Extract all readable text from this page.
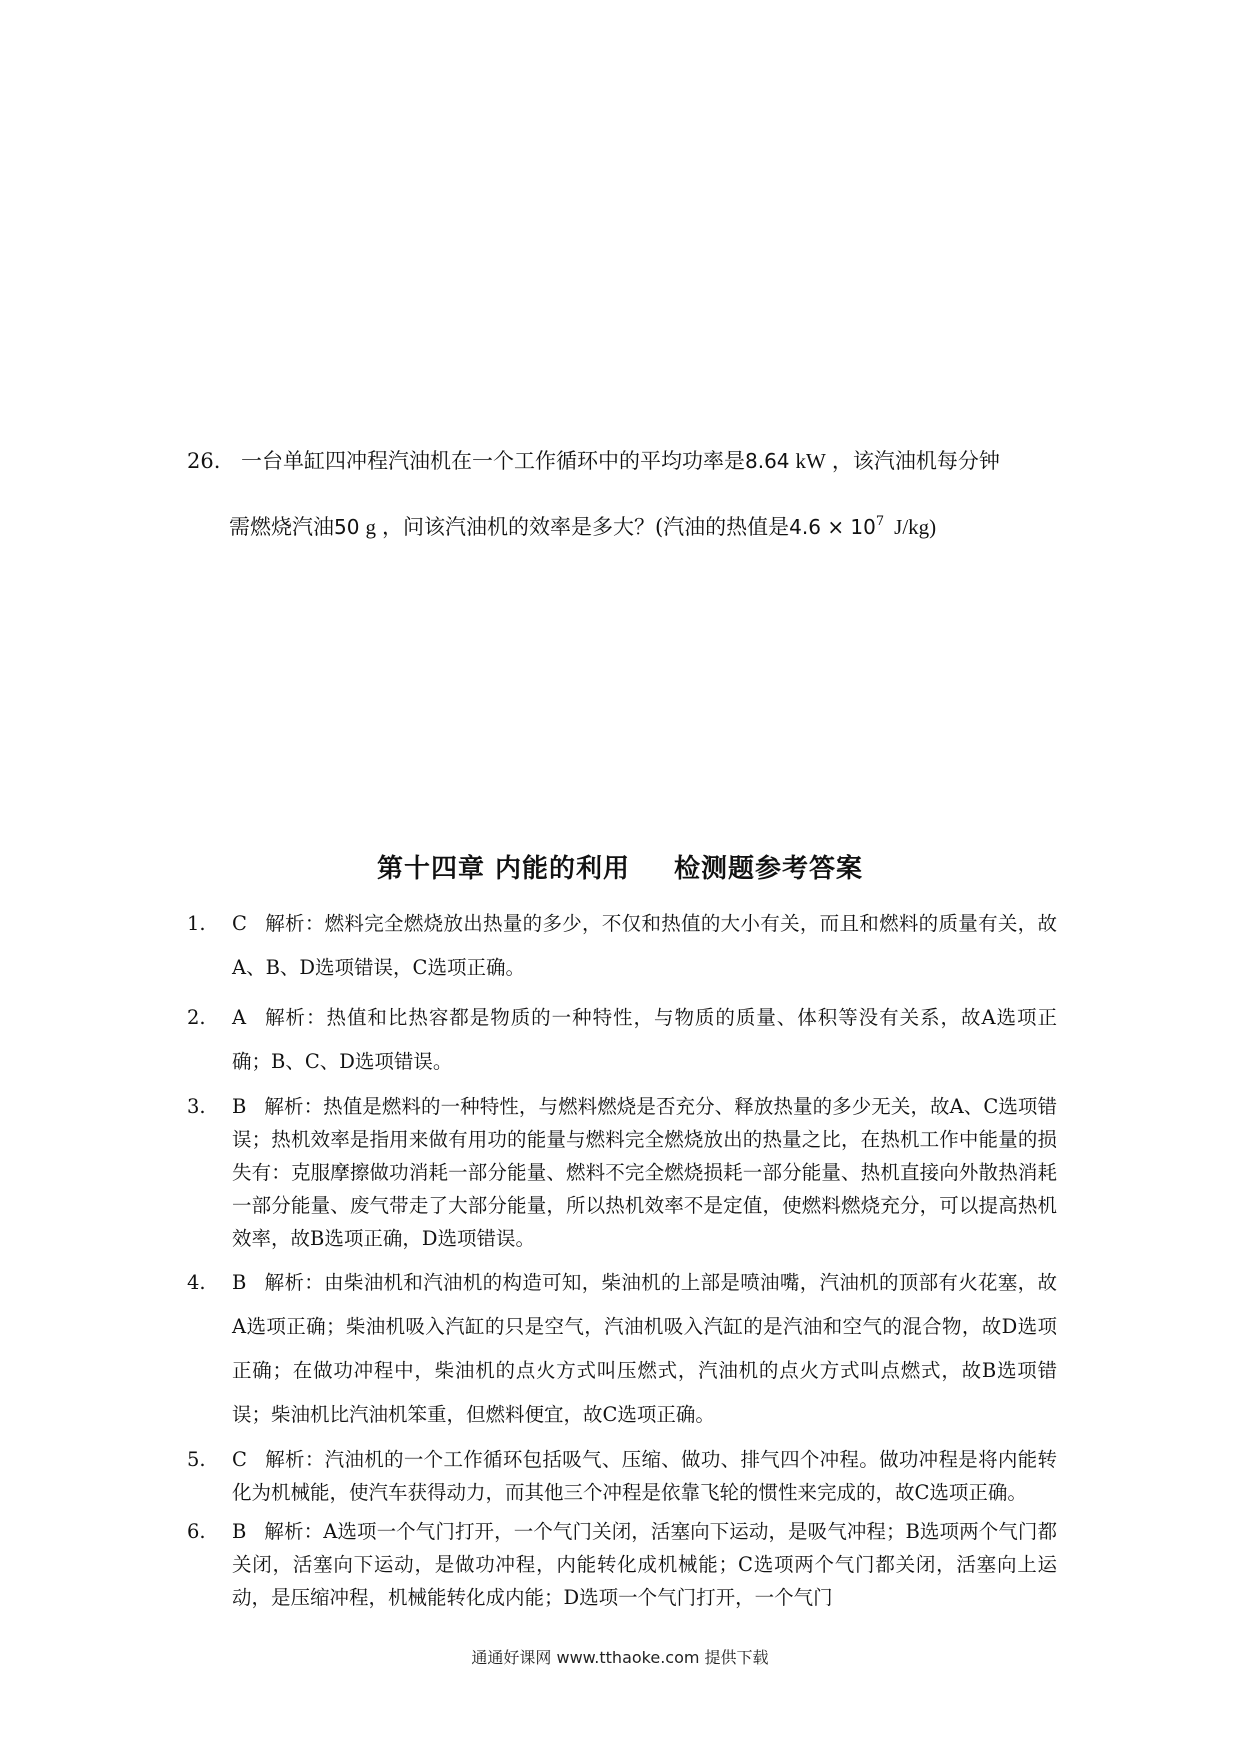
26. 一台单缸四冲程汽油机在一个工作循环中的平均功率是8.64 kW ，该汽油机每分钟
需燃烧汽油50 g ，问该汽油机的效率是多大？(汽油的热值是$4.6 \times 10^7$ J/kg)
第十四章 内能的利用 检测题参考答案
1. C 解析：燃料完全燃烧放出热量的多少，不仅和热值的大小有关，而且和燃料的质量有关，故A、B、D选项错误，C选项正确。
2. A 解析：热值和比热容都是物质的一种特性，与物质的质量、体积等没有关系，故A选项正确；B、C、D选项错误。
3. B 解析：热值是燃料的一种特性，与燃料燃烧是否充分、释放热量的多少无关，故A、C选项错误；热机效率是指用来做有用功的能量与燃料完全燃烧放出的热量之比，在热机工作中能量的损失有：克服摩擦做功消耗一部分能量、燃料不完全燃烧损耗一部分能量、热机直接向外散热消耗一部分能量、废气带走了大部分能量，所以热机效率不是定值，使燃料燃烧充分，可以提高热机效率，故B选项正确，D选项错误。
4. B 解析：由柴油机和汽油机的构造可知，柴油机的上部是喷油嘴，汽油机的顶部有火花塞，故A选项正确；柴油机吸入汽缸的只是空气，汽油机吸入汽缸的是汽油和空气的混合物，故D选项正确；在做功冲程中，柴油机的点火方式叫压燃式，汽油机的点火方式叫点燃式，故B选项错误；柴油机比汽油机笨重，但燃料便宜，故C选项正确。
5. C 解析：汽油机的一个工作循环包括吸气、压缩、做功、排气四个冲程。做功冲程是将内能转化为机械能，使汽车获得动力，而其他三个冲程是依靠飞轮的惯性来完成的，故C选项正确。
6. B 解析：A选项一个气门打开，一个气门关闭，活塞向下运动，是吸气冲程；B选项两个气门都关闭，活塞向下运动，是做功冲程，内能转化成机械能；C选项两个气门都关闭，活塞向上运动，是压缩冲程，机械能转化成内能；D选项一个气门打开，一个气门
通通好课网 www.tthaoke.com 提供下载
